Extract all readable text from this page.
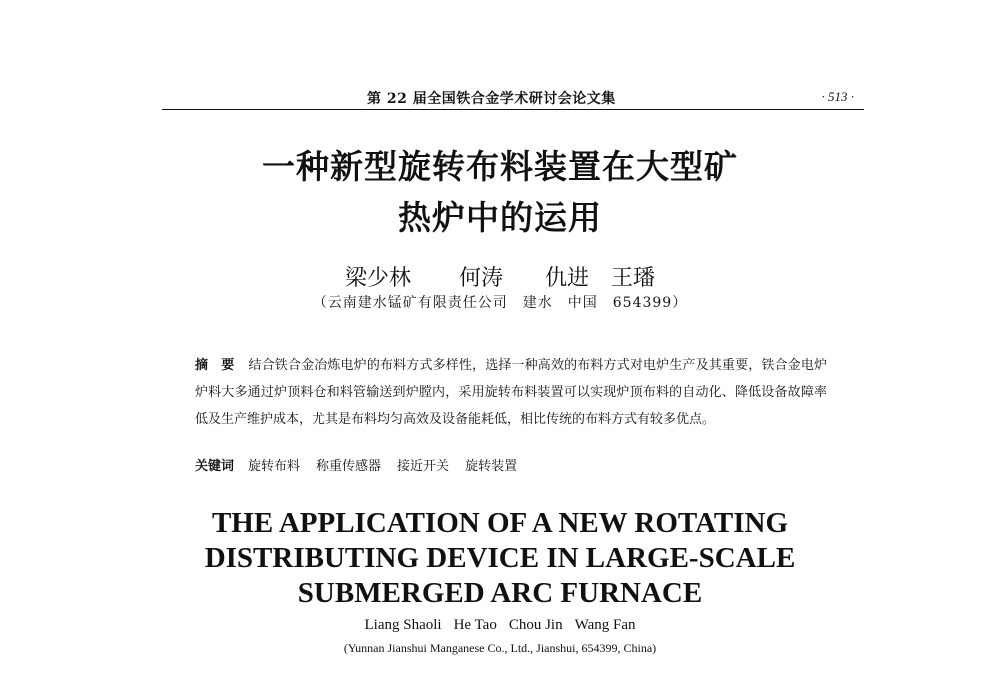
第 22 届全国铁合金学术研讨会论文集	· 513 ·
一种新型旋转布料装置在大型矿
热炉中的运用
梁少林 何涛 仇进 王璠
（云南建水锰矿有限责任公司　建水　中国　654399）
摘　要 结合铁合金冶炼电炉的布料方式多样性，选择一种高效的布料方式对电炉生产及其重要，铁合金电炉炉料大多通过炉顶料仓和料管输送到炉膛内，采用旋转布料装置可以实现炉顶布料的自动化、降低设备故障率低及生产维护成本，尤其是布料均匀高效及设备能耗低，相比传统的布料方式有较多优点。
关键词 旋转布料 称重传感器 接近开关 旋转装置
THE APPLICATION OF A NEW ROTATING
DISTRIBUTING DEVICE IN LARGE-SCALE
SUBMERGED ARC FURNACE
Liang Shaoli He Tao Chou Jin Wang Fan
(Yunnan Jianshui Manganese Co., Ltd., Jianshui, 654399, China)
